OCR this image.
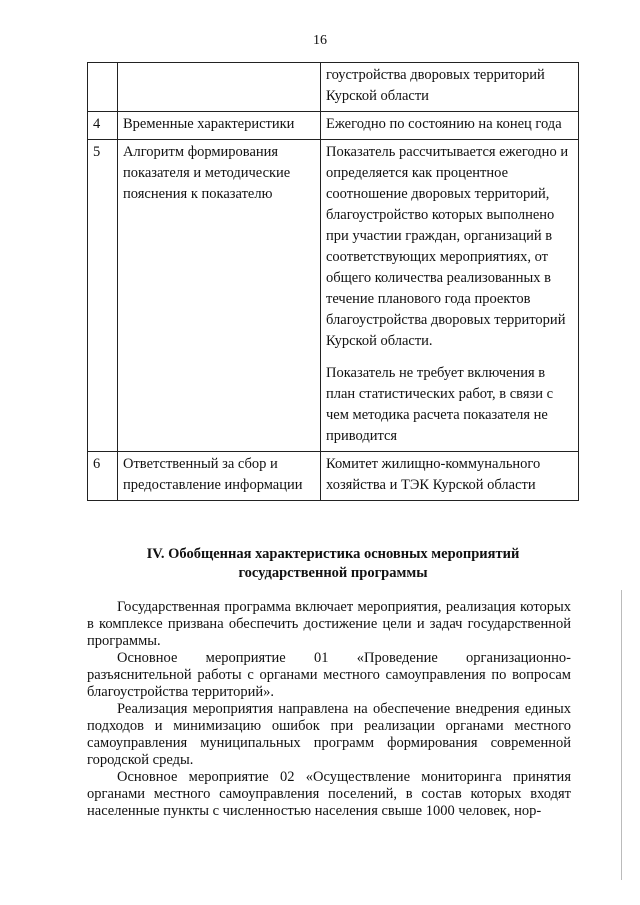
16

		гоустройства дворовых территорий Курской области

4	Временные характеристики	Ежегодно по состоянию на конец года

5	Алгоритм формирования показателя и методические пояснения к показателю	Показатель рассчитывается ежегодно и определяется как процентное соотношение дворовых территорий, благоустройство которых выполнено при участии граждан, организаций в соответствующих мероприятиях, от общего количества реализованных в течение планового года проектов благоустройства дворовых территорий Курской области.
Показатель не требует включения в план статистических работ, в связи с чем методика расчета показателя не приводится

6	Ответственный за сбор и предоставление информации	Комитет жилищно-коммунального хозяйства и ТЭК Курской области
IV. Обобщенная характеристика основных мероприятий
государственной программы

Государственная программа включает мероприятия, реализация которых в комплексе призвана обеспечить достижение цели и задач государственной программы.

Основное мероприятие 01 «Проведение организационно-разъяснительной работы с органами местного самоуправления по вопросам благоустройства территорий».

Реализация мероприятия направлена на обеспечение внедрения единых подходов и минимизацию ошибок при реализации органами местного самоуправления муниципальных программ формирования современной городской среды.

Основное мероприятие 02 «Осуществление мониторинга принятия органами местного самоуправления поселений, в состав которых входят населенные пункты с численностью населения свыше 1000 человек, нор-
